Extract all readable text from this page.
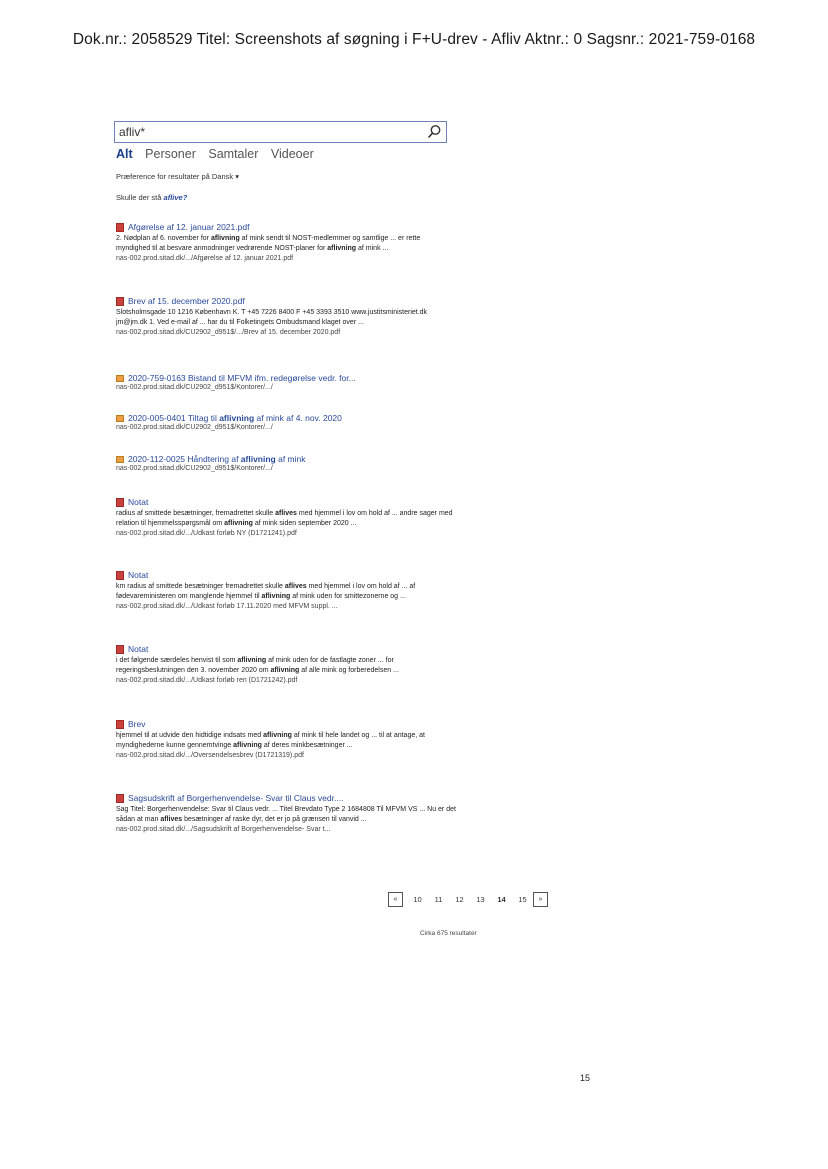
Dok.nr.: 2058529 Titel: Screenshots af søgning i F+U-drev - Afliv Aktnr.: 0 Sagsnr.: 2021-759-0168
afliv*
Alt Personer Samtaler Videoer
Præference for resultater på Dansk ▾
Skulle der stå aflive?
Afgørelse af 12. januar 2021.pdf
2. Nødplan af 6. november for aflivning af mink sendt til NOST-medlemmer og samtlige ... er rette myndighed til at besvare anmodninger vedrørende NOST-planer for aflivning af mink ...
nas-002.prod.sitad.dk/.../Afgørelse af 12. januar 2021.pdf
Brev af 15. december 2020.pdf
Slotsholmsgade 10 1216 København K. T +45 7226 8400 F +45 3393 3510 www.justitsministeriet.dk jm@jm.dk 1. Ved e-mail af ... har du til Folketingets Ombudsmand klaget over ...
nas-002.prod.sitad.dk/CU2902_d951$/.../Brev af 15. december 2020.pdf
2020-759-0163 Bistand til MFVM ifm. redegørelse vedr. for...
nas-002.prod.sitad.dk/CU2902_d951$/Kontorer/.../
2020-005-0401 Tiltag til aflivning af mink af 4. nov. 2020
nas-002.prod.sitad.dk/CU2902_d951$/Kontorer/.../
2020-112-0025 Håndtering af aflivning af mink
nas-002.prod.sitad.dk/CU2902_d951$/Kontorer/.../
Notat
radius af smittede besætninger, fremadrettet skulle aflives med hjemmel i lov om hold af ... andre sager med relation til hjemmelsspørgsmål om aflivning af mink siden september 2020 ...
nas-002.prod.sitad.dk/.../Udkast forløb NY (D1721241).pdf
Notat
km radius af smittede besætninger fremadrettet skulle aflives med hjemmel i lov om hold af ... af fødevareministeren om manglende hjemmel til aflivning af mink uden for smittezonerne og ...
nas-002.prod.sitad.dk/.../Udkast forløb 17.11.2020 med MFVM suppl. ...
Notat
i det følgende særdeles henvist til som aflivning af mink uden for de fastlagte zoner ... for regeringsbeslutningen den 3. november 2020 om aflivning af alle mink og forberedelsen ...
nas-002.prod.sitad.dk/.../Udkast forløb ren (D1721242).pdf
Brev
hjemmel til at udvide den hidtidige indsats med aflivning af mink til hele landet og ... til at antage, at myndighederne kunne gennemtvinge aflivning af deres minkbesætninger ...
nas-002.prod.sitad.dk/.../Oversendelsesbrev (D1721319).pdf
Sagsudskrift af Borgerhenvendelse- Svar til Claus vedr....
Sag Titel: Borgerhenvendelse: Svar til Claus vedr. ... Titel Brevdato Type 2 1684808 Til MFVM VS ... Nu er det sådan at man aflives besætninger af raske dyr, det er jo på grænsen til vanvid ...
nas-002.prod.sitad.dk/.../Sagsudskrift af Borgerhenvendelse- Svar t...
«	10	11	12	13	14	15	»
Cirka 675 resultater
15
